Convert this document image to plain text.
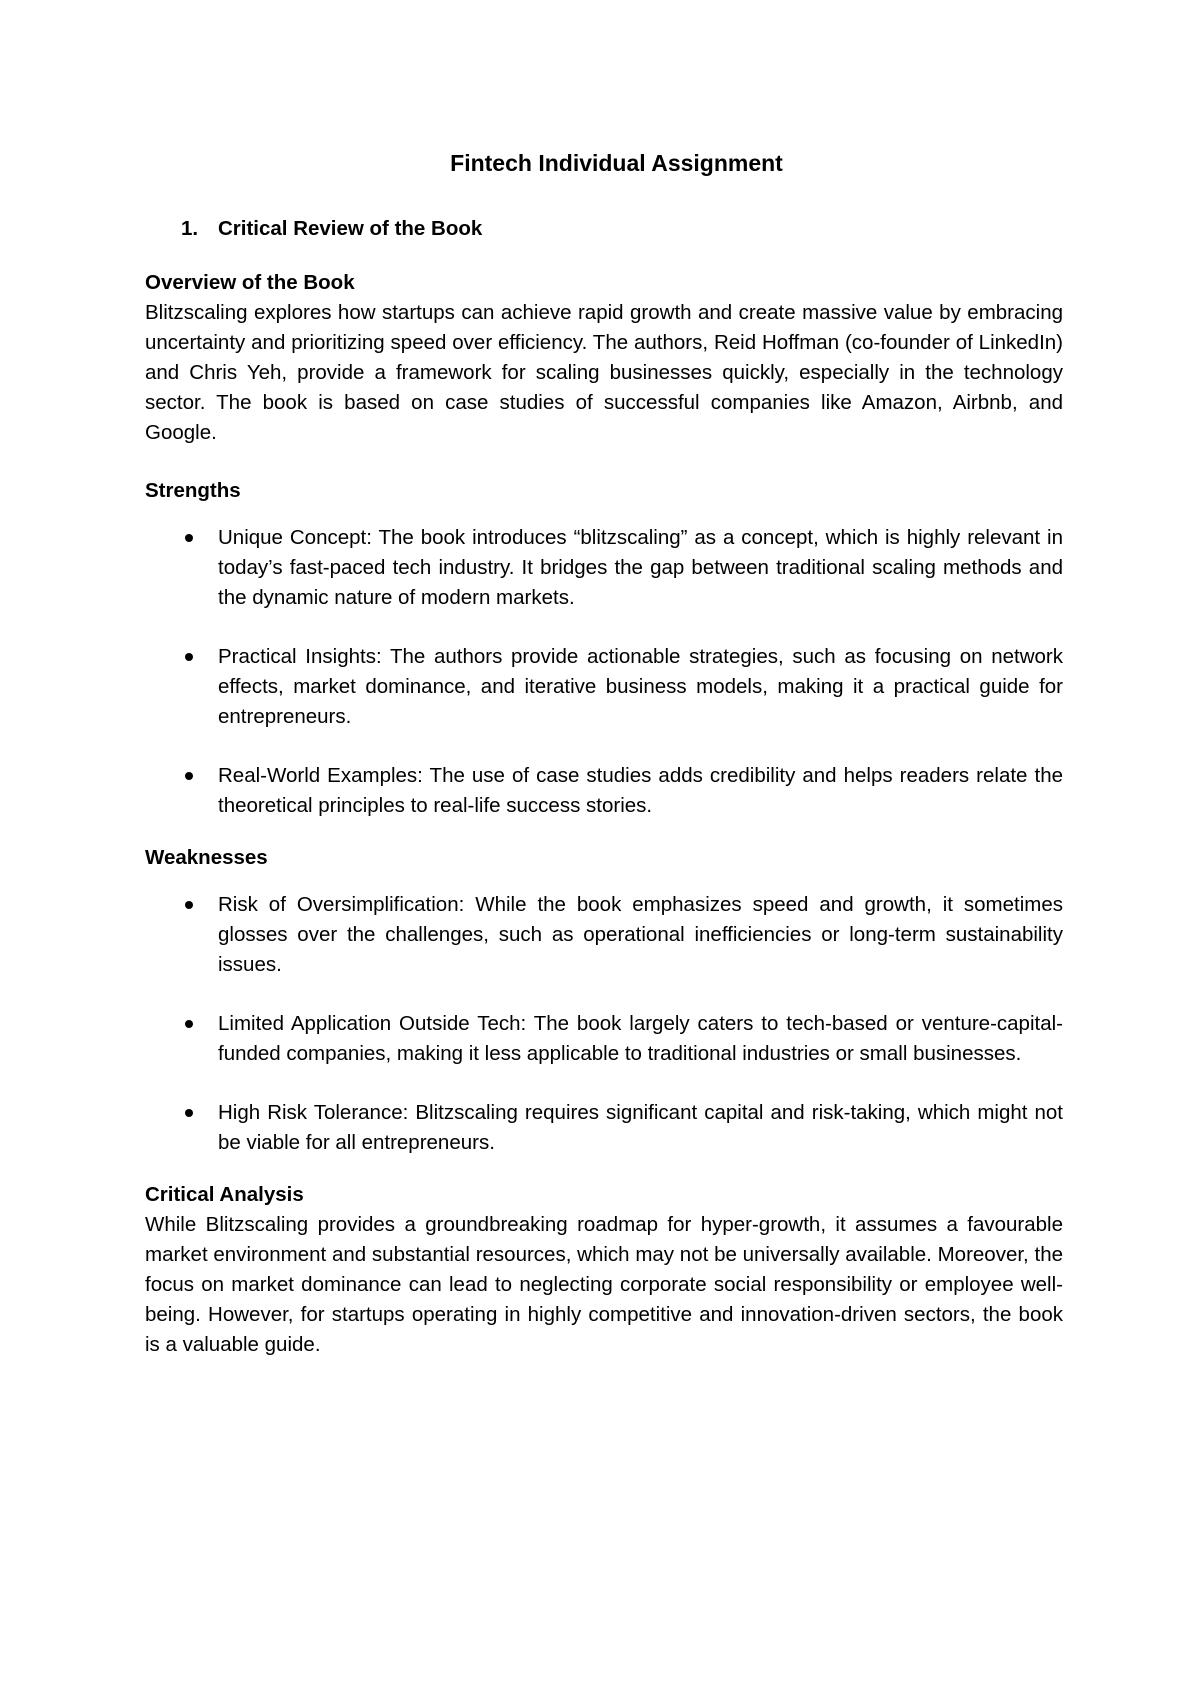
Fintech Individual Assignment
1. Critical Review of the Book

Overview of the Book

Blitzscaling explores how startups can achieve rapid growth and create massive value by embracing uncertainty and prioritizing speed over efficiency. The authors, Reid Hoffman (co-founder of LinkedIn) and Chris Yeh, provide a framework for scaling businesses quickly, especially in the technology sector. The book is based on case studies of successful companies like Amazon, Airbnb, and Google.

Strengths

Unique Concept: The book introduces “blitzscaling” as a concept, which is highly relevant in today’s fast-paced tech industry. It bridges the gap between traditional scaling methods and the dynamic nature of modern markets.
Practical Insights: The authors provide actionable strategies, such as focusing on network effects, market dominance, and iterative business models, making it a practical guide for entrepreneurs.
Real-World Examples: The use of case studies adds credibility and helps readers relate the theoretical principles to real-life success stories.

Weaknesses

Risk of Oversimplification: While the book emphasizes speed and growth, it sometimes glosses over the challenges, such as operational inefficiencies or long-term sustainability issues.
Limited Application Outside Tech: The book largely caters to tech-based or venture-capital-funded companies, making it less applicable to traditional industries or small businesses.
High Risk Tolerance: Blitzscaling requires significant capital and risk-taking, which might not be viable for all entrepreneurs.

Critical Analysis

While Blitzscaling provides a groundbreaking roadmap for hyper-growth, it assumes a favourable market environment and substantial resources, which may not be universally available. Moreover, the focus on market dominance can lead to neglecting corporate social responsibility or employee well-being. However, for startups operating in highly competitive and innovation-driven sectors, the book is a valuable guide.
